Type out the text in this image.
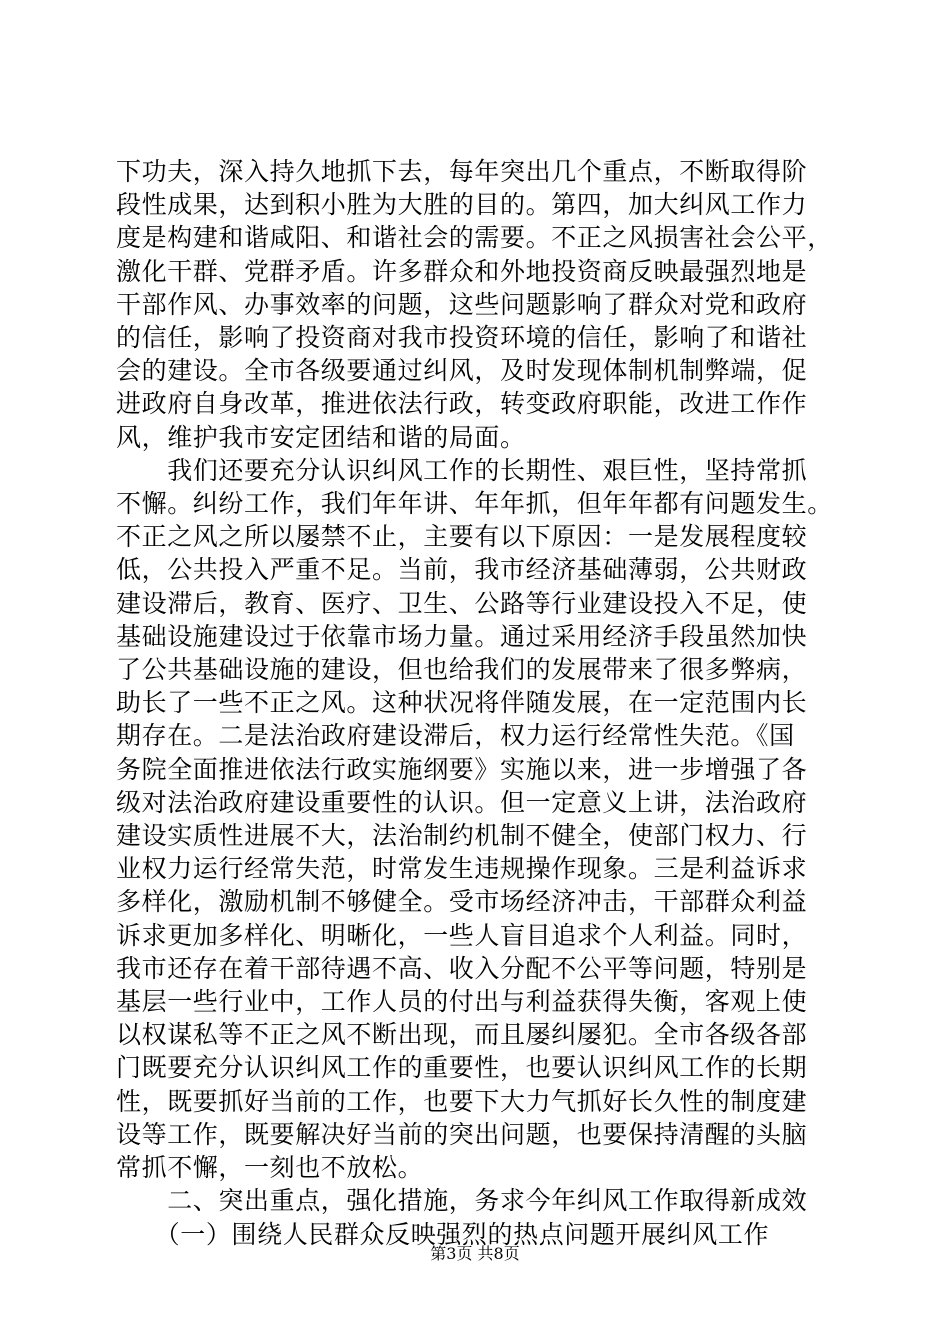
下功夫，深入持久地抓下去，每年突出几个重点，不断取得阶
段性成果，达到积小胜为大胜的目的。第四，加大纠风工作力
度是构建和谐咸阳、和谐社会的需要。不正之风损害社会公平，
激化干群、党群矛盾。许多群众和外地投资商反映最强烈地是
干部作风、办事效率的问题，这些问题影响了群众对党和政府
的信任，影响了投资商对我市投资环境的信任，影响了和谐社
会的建设。全市各级要通过纠风，及时发现体制机制弊端，促
进政府自身改革，推进依法行政，转变政府职能，改进工作作
风，维护我市安定团结和谐的局面。
　　我们还要充分认识纠风工作的长期性、艰巨性，坚持常抓
不懈。纠纷工作，我们年年讲、年年抓，但年年都有问题发生。
不正之风之所以屡禁不止，主要有以下原因：一是发展程度较
低，公共投入严重不足。当前，我市经济基础薄弱，公共财政
建设滞后，教育、医疗、卫生、公路等行业建设投入不足，使
基础设施建设过于依靠市场力量。通过采用经济手段虽然加快
了公共基础设施的建设，但也给我们的发展带来了很多弊病，
助长了一些不正之风。这种状况将伴随发展，在一定范围内长
期存在。二是法治政府建设滞后，权力运行经常性失范。《国
务院全面推进依法行政实施纲要》实施以来，进一步增强了各
级对法治政府建设重要性的认识。但一定意义上讲，法治政府
建设实质性进展不大，法治制约机制不健全，使部门权力、行
业权力运行经常失范，时常发生违规操作现象。三是利益诉求
多样化，激励机制不够健全。受市场经济冲击，干部群众利益
诉求更加多样化、明晰化，一些人盲目追求个人利益。同时，
我市还存在着干部待遇不高、收入分配不公平等问题，特别是
基层一些行业中，工作人员的付出与利益获得失衡，客观上使
以权谋私等不正之风不断出现，而且屡纠屡犯。全市各级各部
门既要充分认识纠风工作的重要性，也要认识纠风工作的长期
性，既要抓好当前的工作，也要下大力气抓好长久性的制度建
设等工作，既要解决好当前的突出问题，也要保持清醒的头脑
常抓不懈，一刻也不放松。
　　二、突出重点，强化措施，务求今年纠风工作取得新成效
　　（一）围绕人民群众反映强烈的热点问题开展纠风工作
第3页 共8页
